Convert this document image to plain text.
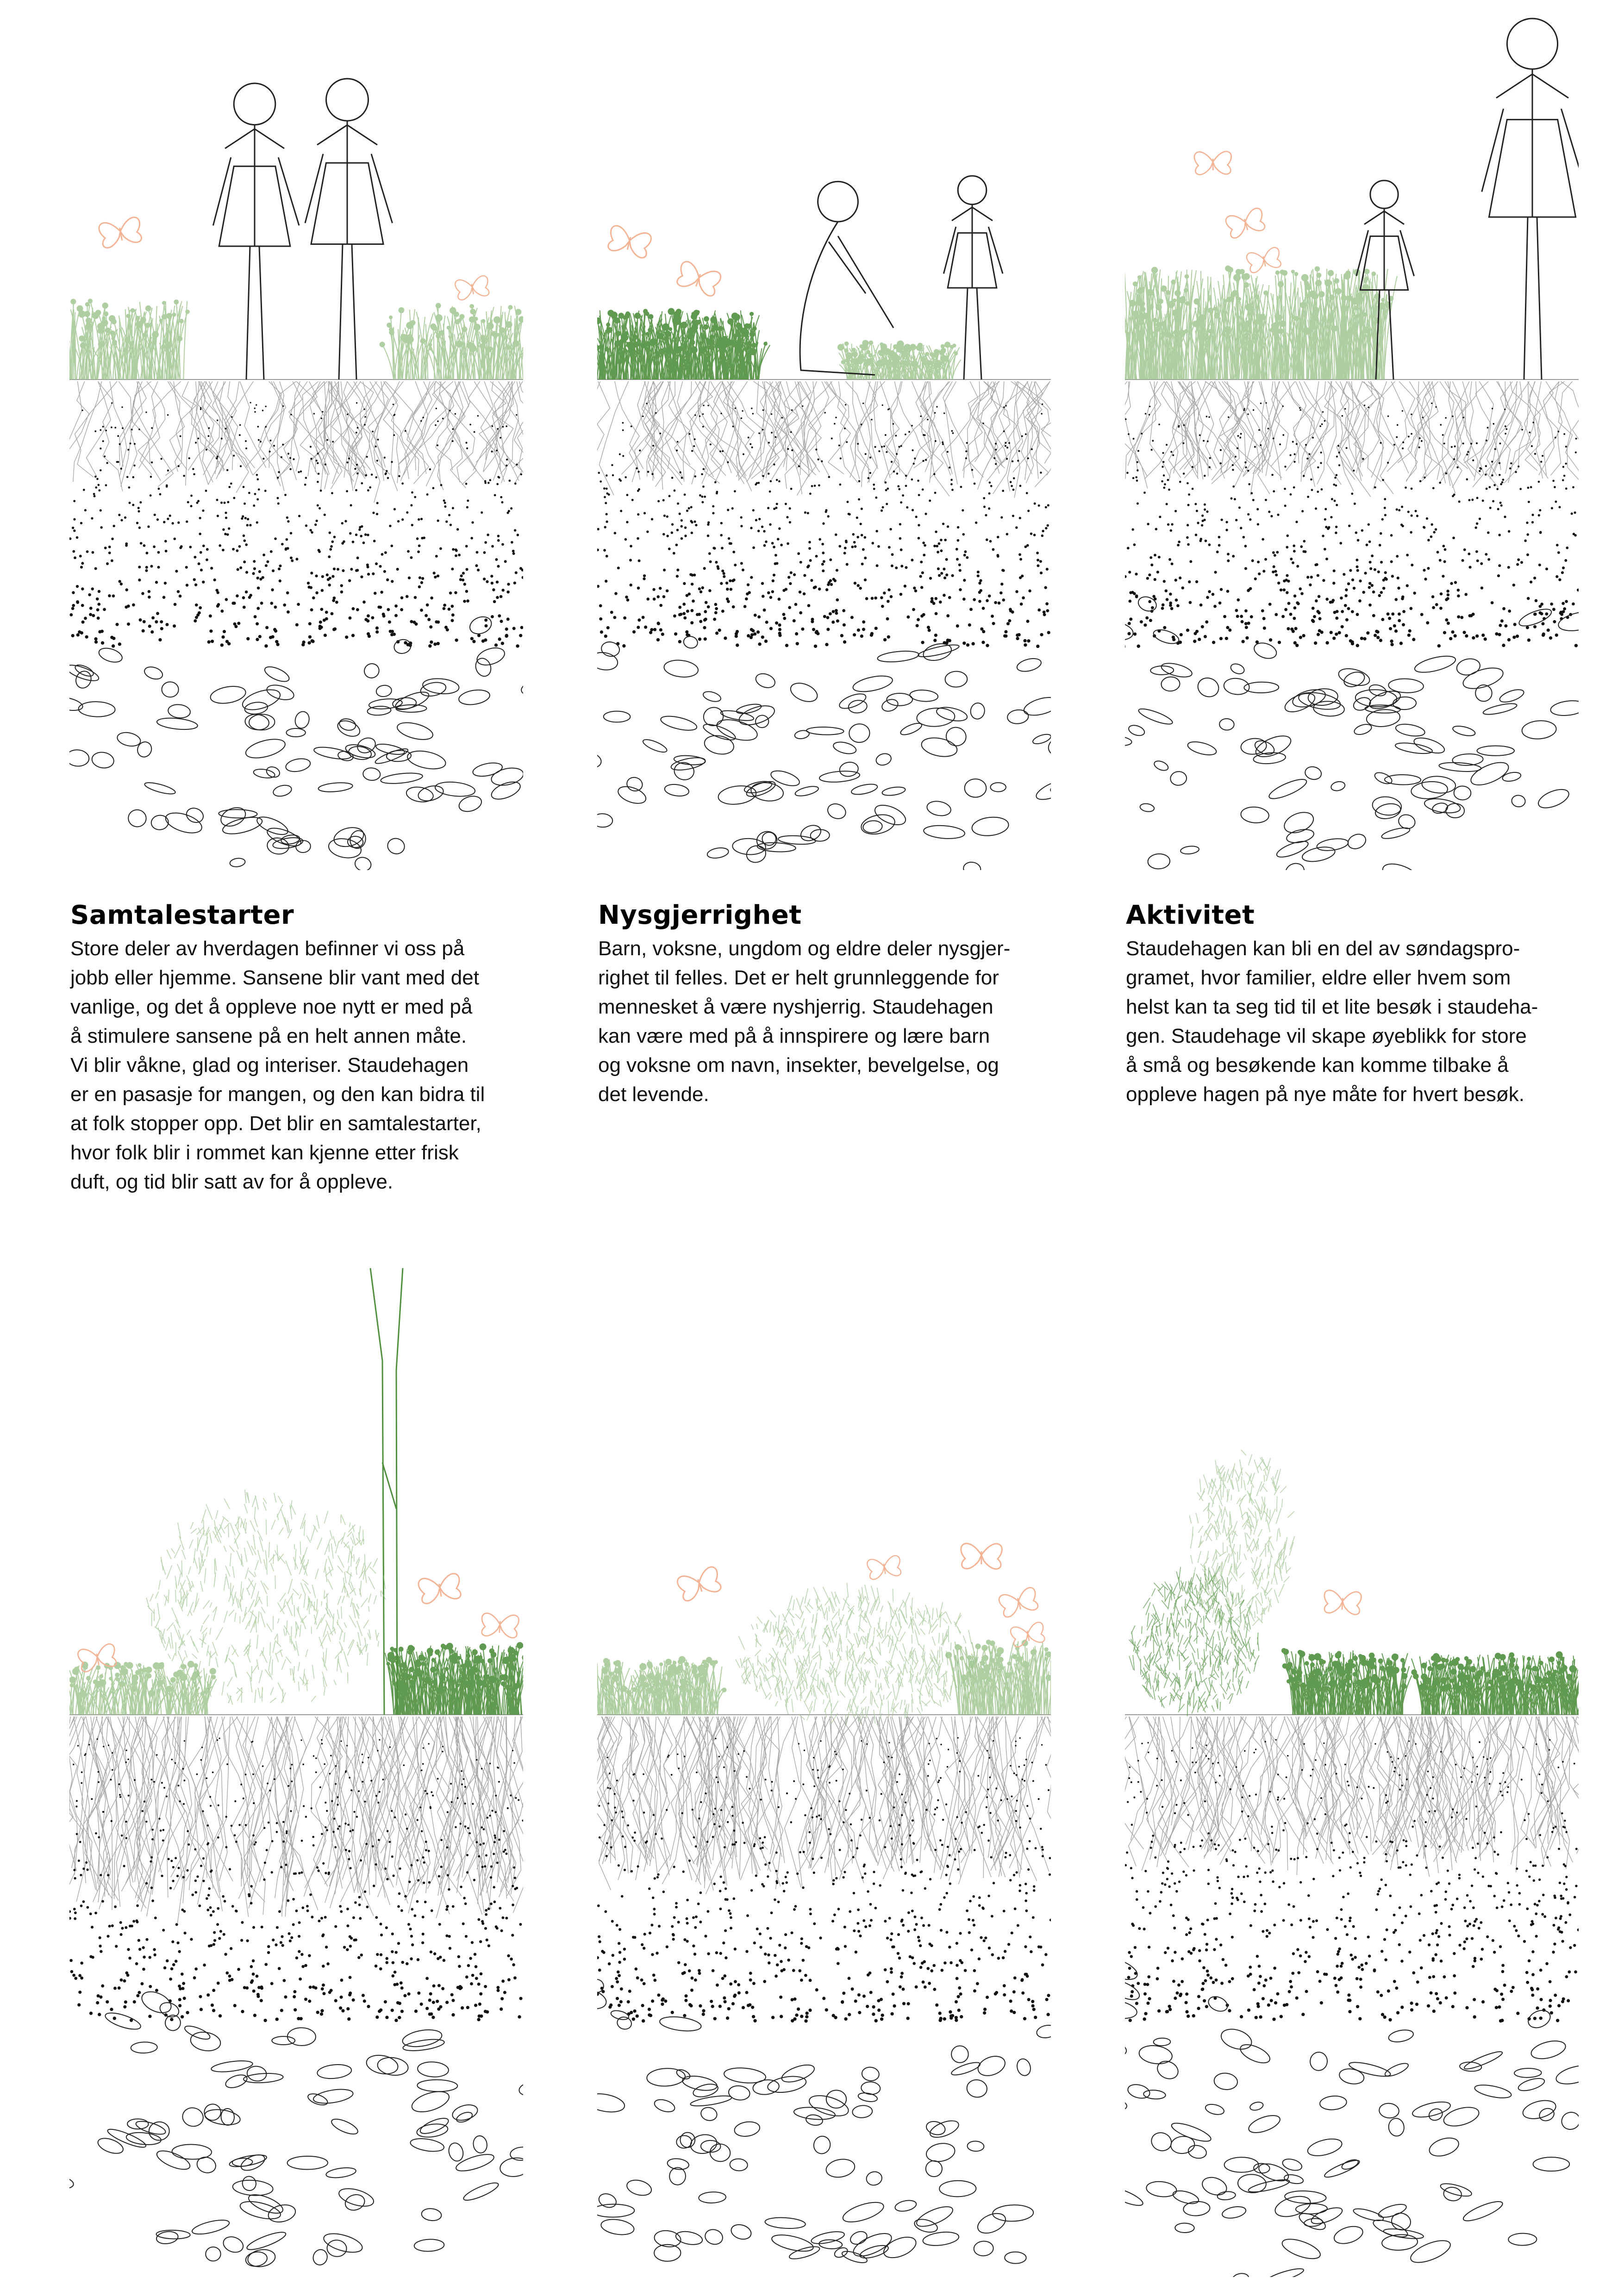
Samtalestarter

Store deler av hverdagen befinner vi oss på
jobb eller hjemme. Sansene blir vant med det
vanlige, og det å oppleve noe nytt er med på
å stimulere sansene på en helt annen måte.
Vi blir våkne, glad og interiser. Staudehagen
er en pasasje for mangen, og den kan bidra til
at folk stopper opp. Det blir en samtalestarter,
hvor folk blir i rommet kan kjenne etter frisk
duft, og tid blir satt av for å oppleve.

Nysgjerrighet

Barn, voksne, ungdom og eldre deler nysgjer-
righet til felles. Det er helt grunnleggende for
mennesket å være nyshjerrig. Staudehagen
kan være med på å innspirere og lære barn
og voksne om navn, insekter, bevelgelse, og
det levende.

Aktivitet

Staudehagen kan bli en del av søndagspro-
gramet, hvor familier, eldre eller hvem som
helst kan ta seg tid til et lite besøk i staudeha-
gen. Staudehage vil skape øyeblikk for store
å små og besøkende kan komme tilbake å
oppleve hagen på nye måte for hvert besøk.
